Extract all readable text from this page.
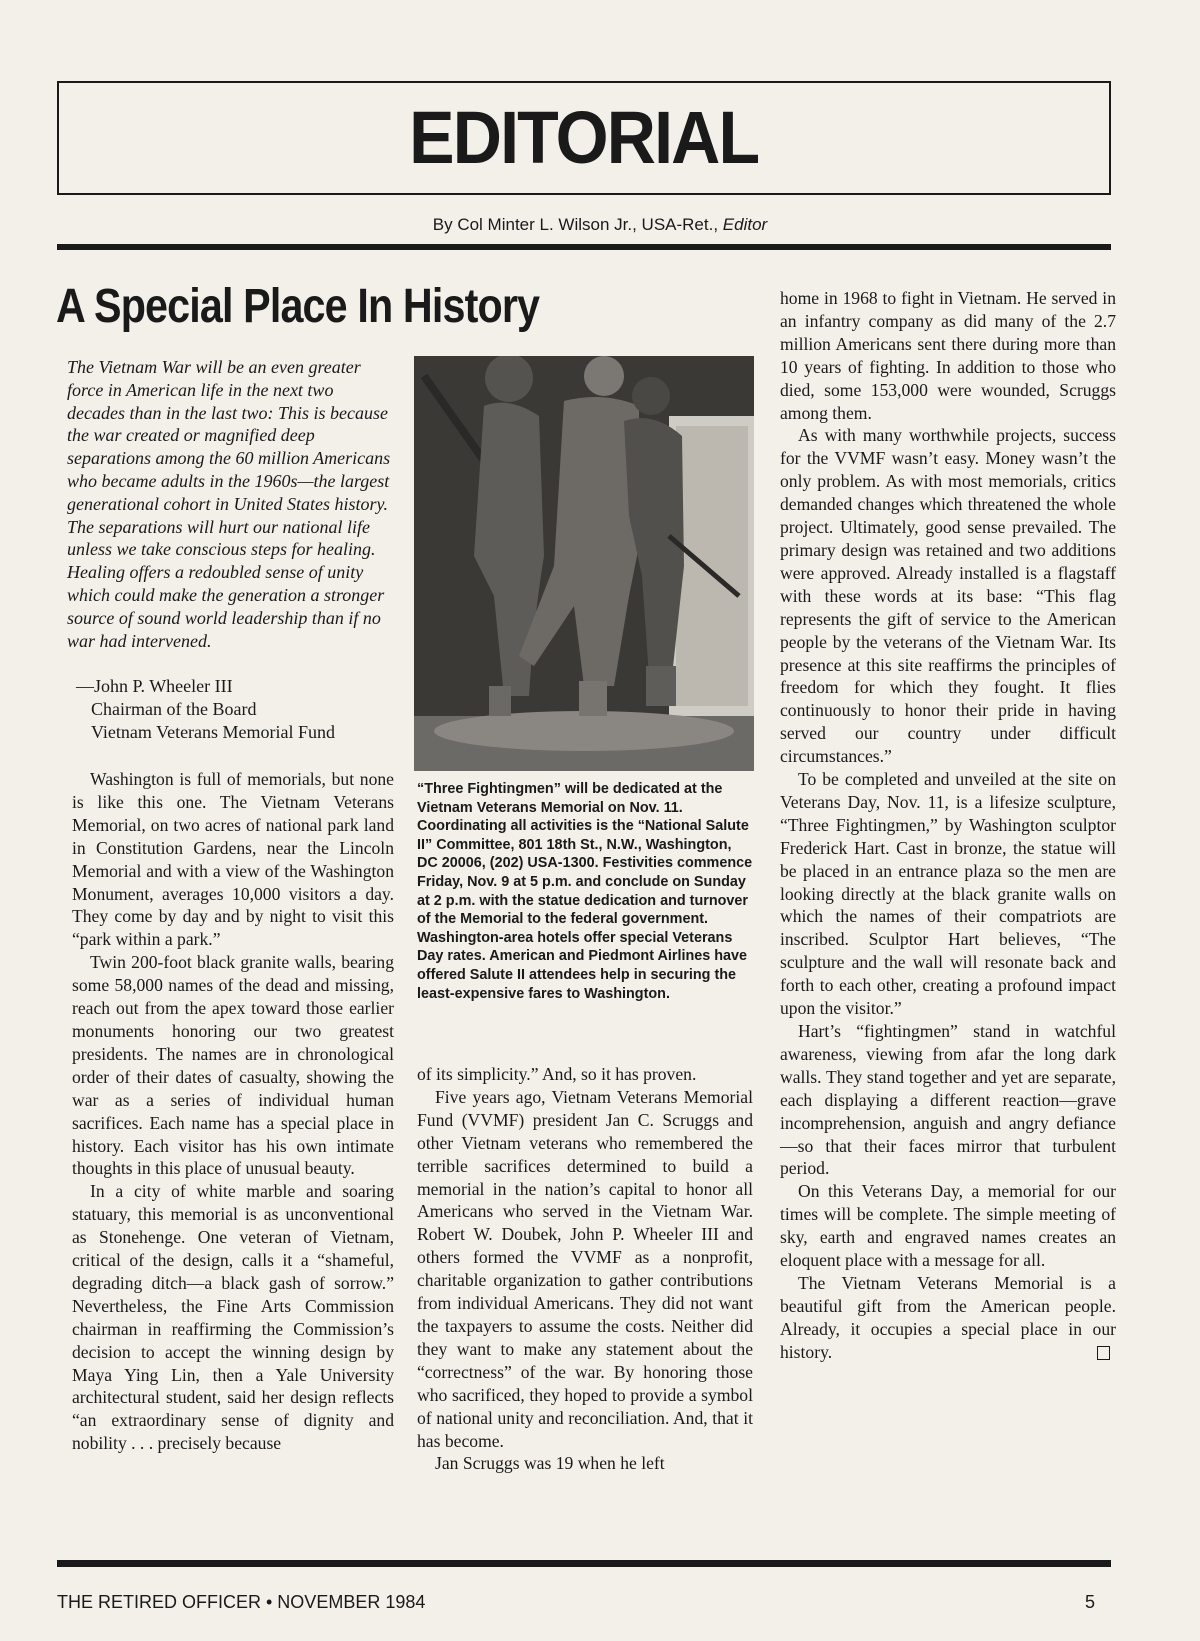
EDITORIAL
By Col Minter L. Wilson Jr., USA-Ret., Editor
A Special Place In History
The Vietnam War will be an even greater force in American life in the next two decades than in the last two: This is because the war created or magnified deep separations among the 60 million Americans who became adults in the 1960s—the largest generational cohort in United States history. The separations will hurt our national life unless we take conscious steps for healing. Healing offers a redoubled sense of unity which could make the generation a stronger source of sound world leadership than if no war had intervened.
—John P. Wheeler III
Chairman of the Board
Vietnam Veterans Memorial Fund

Washington is full of memorials, but none is like this one. The Vietnam Veterans Memorial, on two acres of national park land in Constitution Gardens, near the Lincoln Memorial and with a view of the Washington Monument, averages 10,000 visitors a day. They come by day and by night to visit this “park within a park.”

Twin 200-foot black granite walls, bearing some 58,000 names of the dead and missing, reach out from the apex toward those earlier monuments honoring our two greatest presidents. The names are in chronological order of their dates of casualty, showing the war as a series of individual human sacrifices. Each name has a special place in history. Each visitor has his own intimate thoughts in this place of unusual beauty.

In a city of white marble and soaring statuary, this memorial is as unconventional as Stonehenge. One veteran of Vietnam, critical of the design, calls it a “shameful, degrading ditch—a black gash of sorrow.” Nevertheless, the Fine Arts Commission chairman in reaffirming the Commission’s decision to accept the winning design by Maya Ying Lin, then a Yale University architectural student, said her design reflects “an extraordinary sense of dignity and nobility . . . precisely because

“Three Fightingmen” will be dedicated at the Vietnam Veterans Memorial on Nov. 11. Coordinating all activities is the “National Salute II” Committee, 801 18th St., N.W., Washington, DC 20006, (202) USA-1300. Festivities commence Friday, Nov. 9 at 5 p.m. and conclude on Sunday at 2 p.m. with the statue dedication and turnover of the Memorial to the federal government. Washington-area hotels offer special Veterans Day rates. American and Piedmont Airlines have offered Salute II attendees help in securing the least-expensive fares to Washington.

of its simplicity.” And, so it has proven.

Five years ago, Vietnam Veterans Memorial Fund (VVMF) president Jan C. Scruggs and other Vietnam veterans who remembered the terrible sacrifices determined to build a memorial in the nation’s capital to honor all Americans who served in the Vietnam War. Robert W. Doubek, John P. Wheeler III and others formed the VVMF as a nonprofit, charitable organization to gather contributions from individual Americans. They did not want the taxpayers to assume the costs. Neither did they want to make any statement about the “correctness” of the war. By honoring those who sacrificed, they hoped to provide a symbol of national unity and reconciliation. And, that it has become.

Jan Scruggs was 19 when he left

home in 1968 to fight in Vietnam. He served in an infantry company as did many of the 2.7 million Americans sent there during more than 10 years of fighting. In addition to those who died, some 153,000 were wounded, Scruggs among them.

As with many worthwhile projects, success for the VVMF wasn’t easy. Money wasn’t the only problem. As with most memorials, critics demanded changes which threatened the whole project. Ultimately, good sense prevailed. The primary design was retained and two additions were approved. Already installed is a flagstaff with these words at its base: “This flag represents the gift of service to the American people by the veterans of the Vietnam War. Its presence at this site reaffirms the principles of freedom for which they fought. It flies continuously to honor their pride in having served our country under difficult circumstances.”

To be completed and unveiled at the site on Veterans Day, Nov. 11, is a lifesize sculpture, “Three Fightingmen,” by Washington sculptor Frederick Hart. Cast in bronze, the statue will be placed in an entrance plaza so the men are looking directly at the black granite walls on which the names of their compatriots are inscribed. Sculptor Hart believes, “The sculpture and the wall will resonate back and forth to each other, creating a profound impact upon the visitor.”

Hart’s “fightingmen” stand in watchful awareness, viewing from afar the long dark walls. They stand together and yet are separate, each displaying a different reaction—grave incomprehension, anguish and angry defiance—so that their faces mirror that turbulent period.

On this Veterans Day, a memorial for our times will be complete. The simple meeting of sky, earth and engraved names creates an eloquent place with a message for all.

The Vietnam Veterans Memorial is a beautiful gift from the American people. Already, it occupies a special place in our history.

THE RETIRED OFFICER • NOVEMBER 1984	5
